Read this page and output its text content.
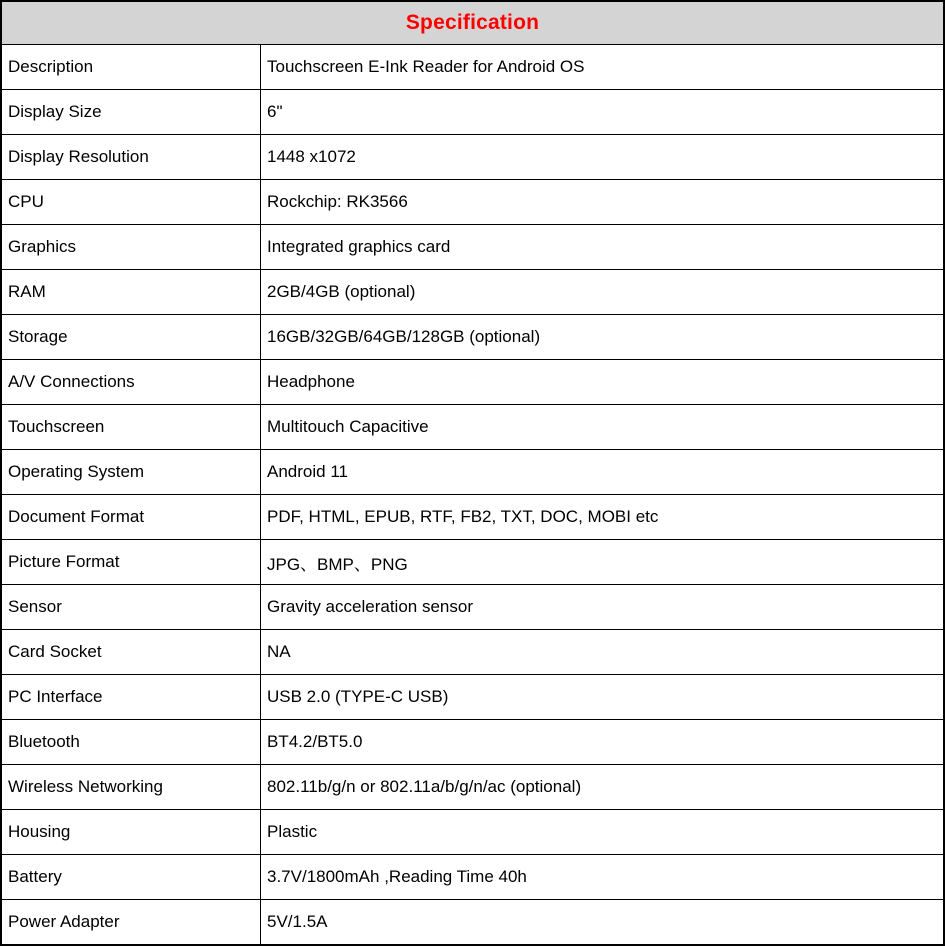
Specification
Description	Touchscreen E-Ink Reader for Android OS
Display Size	6"
Display Resolution	1448 x1072
CPU	Rockchip: RK3566
Graphics	Integrated graphics card
RAM	2GB/4GB (optional)
Storage	16GB/32GB/64GB/128GB (optional)
A/V Connections	Headphone
Touchscreen	Multitouch Capacitive
Operating System	Android 11
Document Format	PDF, HTML, EPUB, RTF, FB2, TXT, DOC, MOBI etc
Picture Format	JPG、BMP、PNG
Sensor	Gravity acceleration sensor
Card Socket	NA
PC Interface	USB 2.0 (TYPE-C USB)
Bluetooth	BT4.2/BT5.0
Wireless Networking	802.11b/g/n or 802.11a/b/g/n/ac (optional)
Housing	Plastic
Battery	3.7V/1800mAh ,Reading Time 40h
Power Adapter	5V/1.5A
